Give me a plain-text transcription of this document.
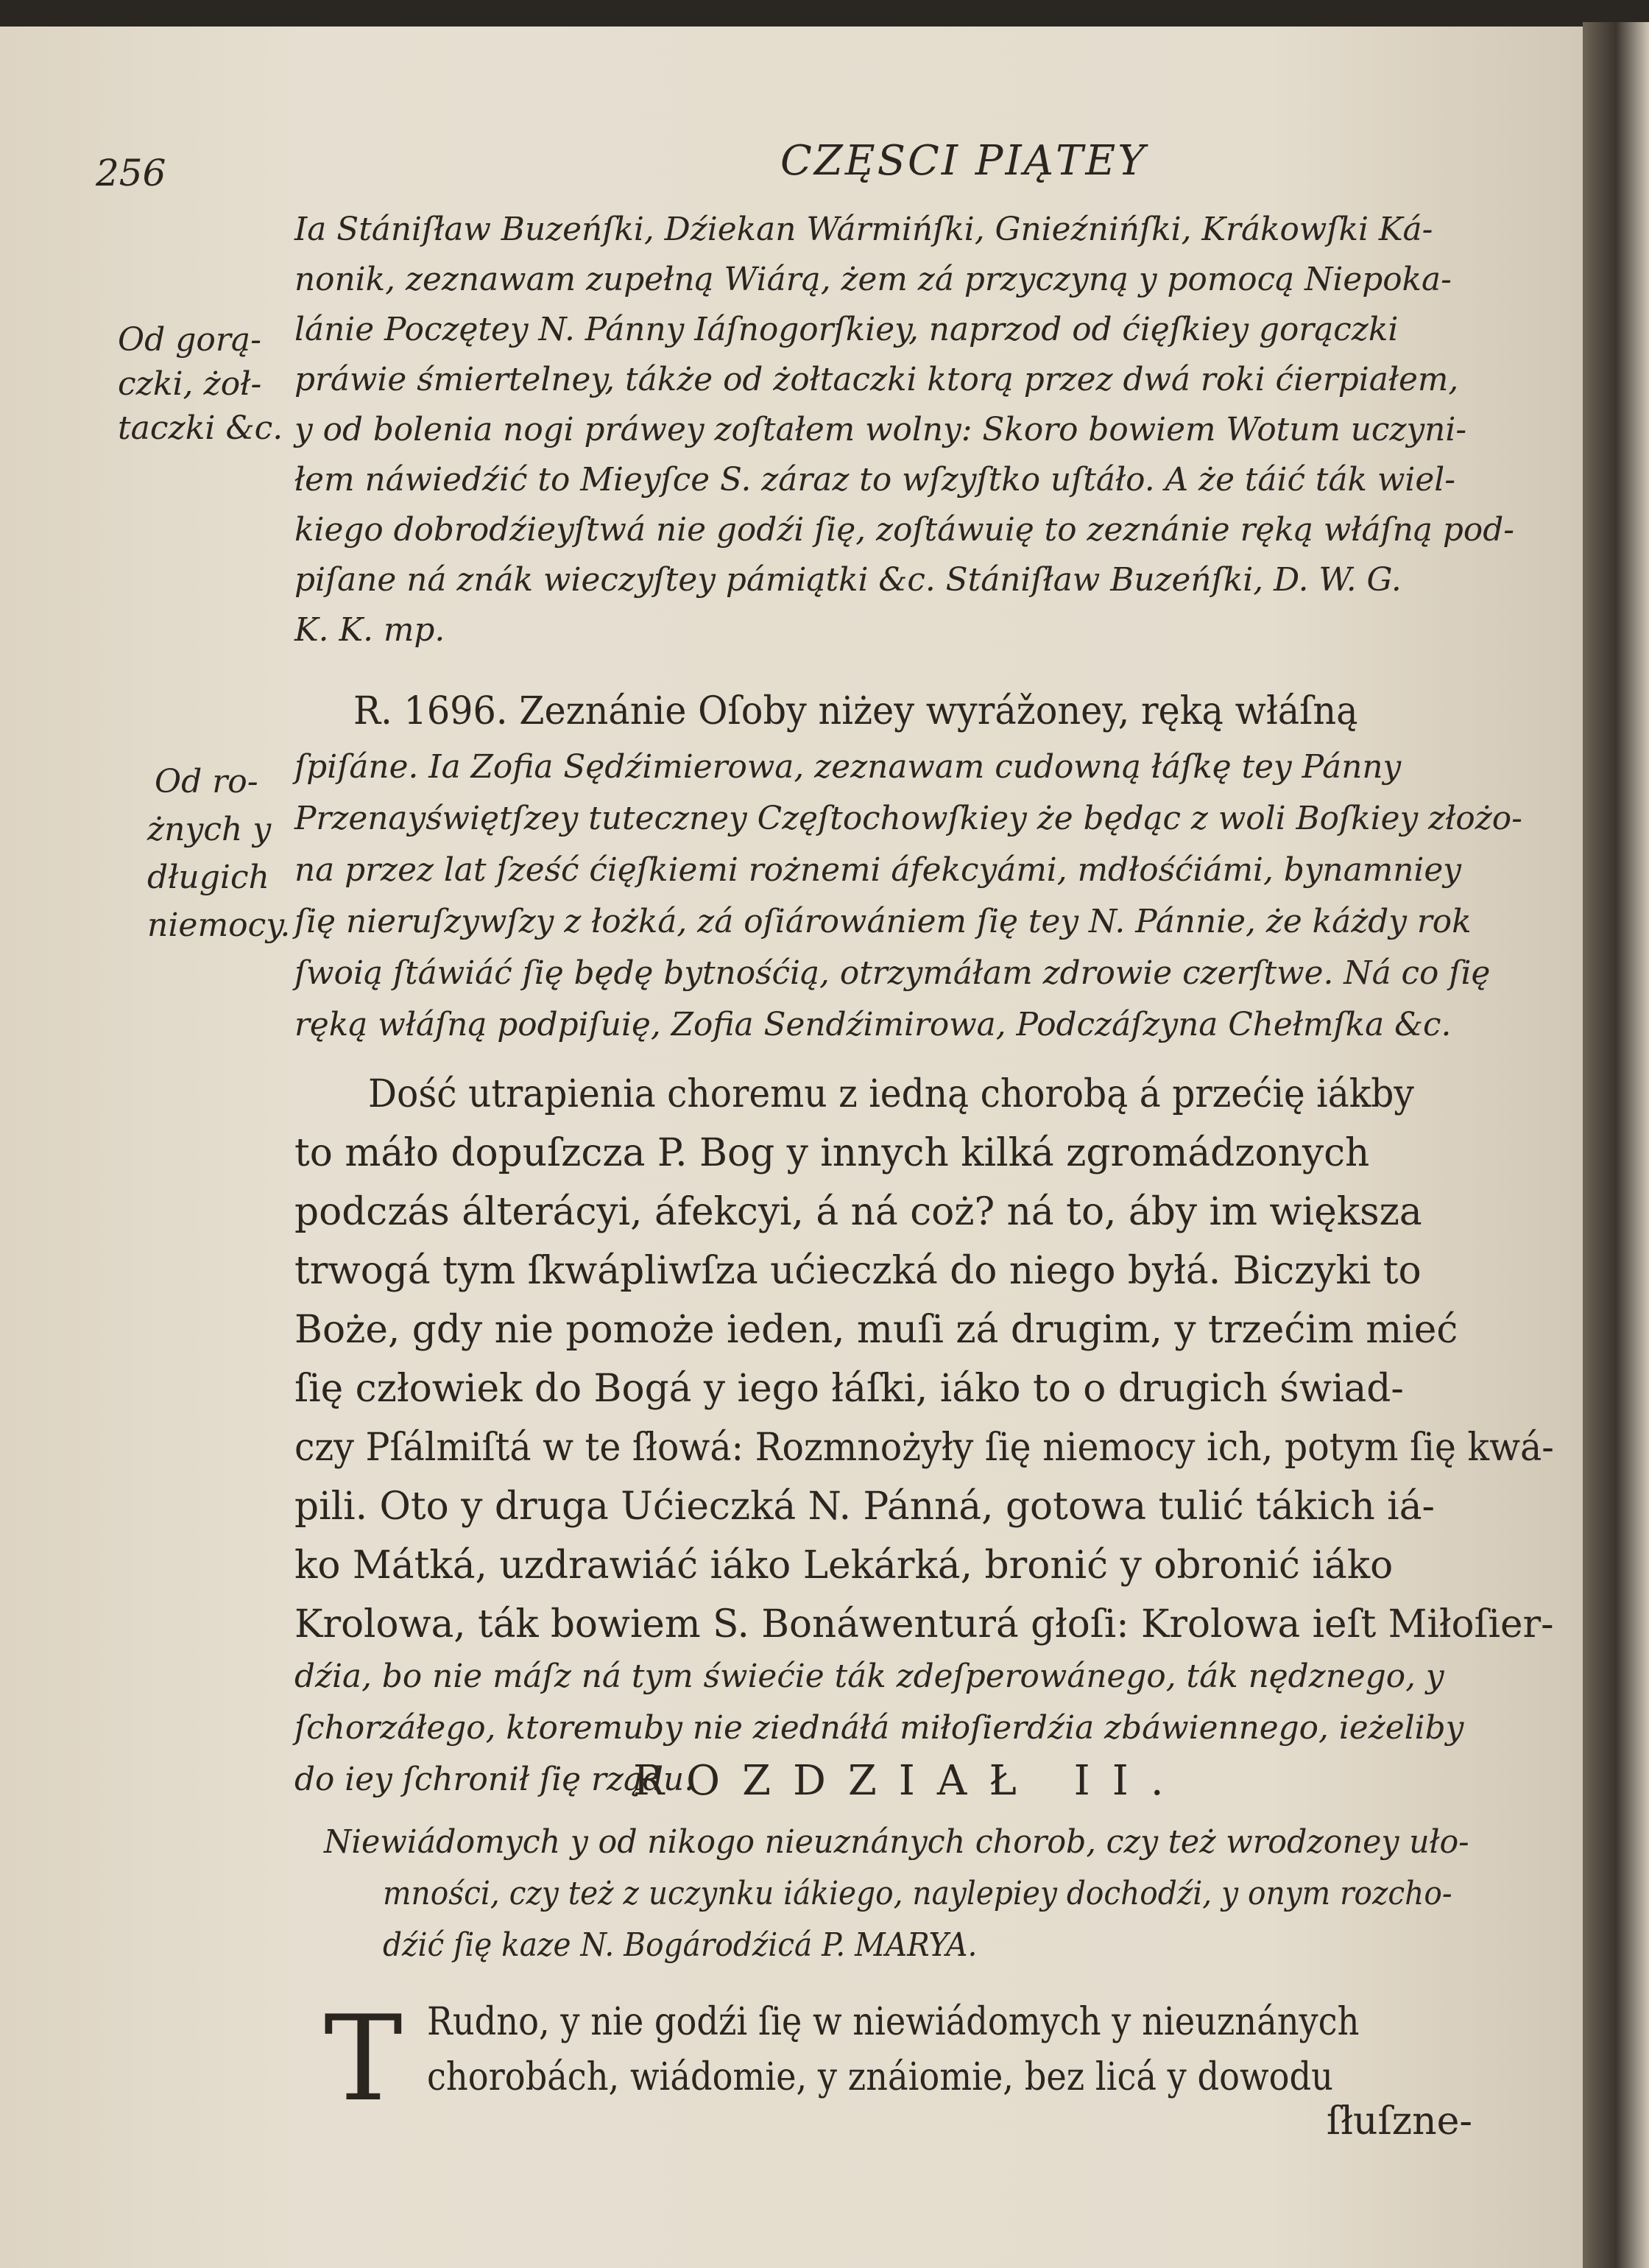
256	CZĘSCI PIĄTEY
Ia Stániſław Buzeńſki, Dźiekan Wármińſki, Gnieźnińſki, Krákowſki Ká-
nonik, zeznawam zupełną Wiárą, żem zá przyczyną y pomocą Niepoka-
lánie Poczętey N. Pánny Iáſnogorſkiey, naprzod od ćięſkiey gorączki
práwie śmiertelney, tákże od żołtaczki ktorą przez dwá roki ćierpiałem,
y od bolenia nogi práwey zoſtałem wolny: Skoro bowiem Wotum uczyni-
łem náwiedźić to Mieyſce S. záraz to wſzyſtko uſtáło. A że táić ták wiel-
kiego dobrodźieyſtwá nie godźi ſię, zoſtáwuię to zeznánie ręką włáſną pod-
piſane ná znák wieczyſtey pámiątki &c. Stániſław Buzeńſki, D. W. G.
K. K. mp.
R. 1696. Zeznánie Oſoby niżey wyrážoney, ręką włáſną
ſpiſáne. Ia Zofia Sędźimierowa, zeznawam cudowną łáſkę tey Pánny
Przenayświętſzey tuteczney Częſtochowſkiey że będąc z woli Boſkiey złożo-
na przez lat ſześć ćięſkiemi rożnemi áfekcyámi, mdłośćiámi, bynamniey
ſię nieruſzywſzy z łożká, zá oſiárowániem ſię tey N. Pánnie, że káżdy rok
ſwoią ſtáwiáć ſię będę bytnośćią, otrzymáłam zdrowie czerſtwe. Ná co ſię
ręką włáſną podpiſuię, Zofia Sendźimirowa, Podczáſzyna Chełmſka &c.
Dość utrapienia choremu z iedną chorobą á przećię iákby
to máło dopuſzcza P. Bog y innych kilká zgromádzonych
podczás álterácyi, áfekcyi, á ná coż? ná to, áby im większa
trwogá tym ſkwápliwſza ućieczká do niego byłá. Biczyki to
Boże, gdy nie pomoże ieden, muſi zá drugim, y trzećim mieć
ſię człowiek do Bogá y iego łáſki, iáko to o drugich świad-
czy Pſálmiſtá w te ſłowá: Rozmnożyły ſię niemocy ich, potym ſię kwá-
pili. Oto y druga Ućieczká N. Pánná, gotowa tulić tákich iá-
ko Mátká, uzdrawiáć iáko Lekárká, bronić y obronić iáko
Krolowa, ták bowiem S. Bonáwenturá głoſi: Krolowa ieſt Miłoſier-
dźia, bo nie máſz ná tym świećie ták zdeſperowánego, ták nędznego, y
ſchorzáłego, ktoremuby nie ziednáłá miłoſierdźia zbáwiennego, ieżeliby
do iey ſchronił ſię rządu.
Od gorą-
czki, żoł-
taczki &c.
Od ro-
żnych y
długich
niemocy.
ROZDZIAŁ II.
Niewiádomych y od nikogo nieuznánych chorob, czy też wrodzoney uło-
mności, czy też z uczynku iákiego, naylepiey dochodźi, y onym rozcho-
dźić ſię kaze N. Bogárodźicá P. MARYA.
T Rudno, y nie godźi ſię w niewiádomych y nieuznánych
chorobách, wiádomie, y znáiomie, bez licá y dowodu
ſłuſzne-
